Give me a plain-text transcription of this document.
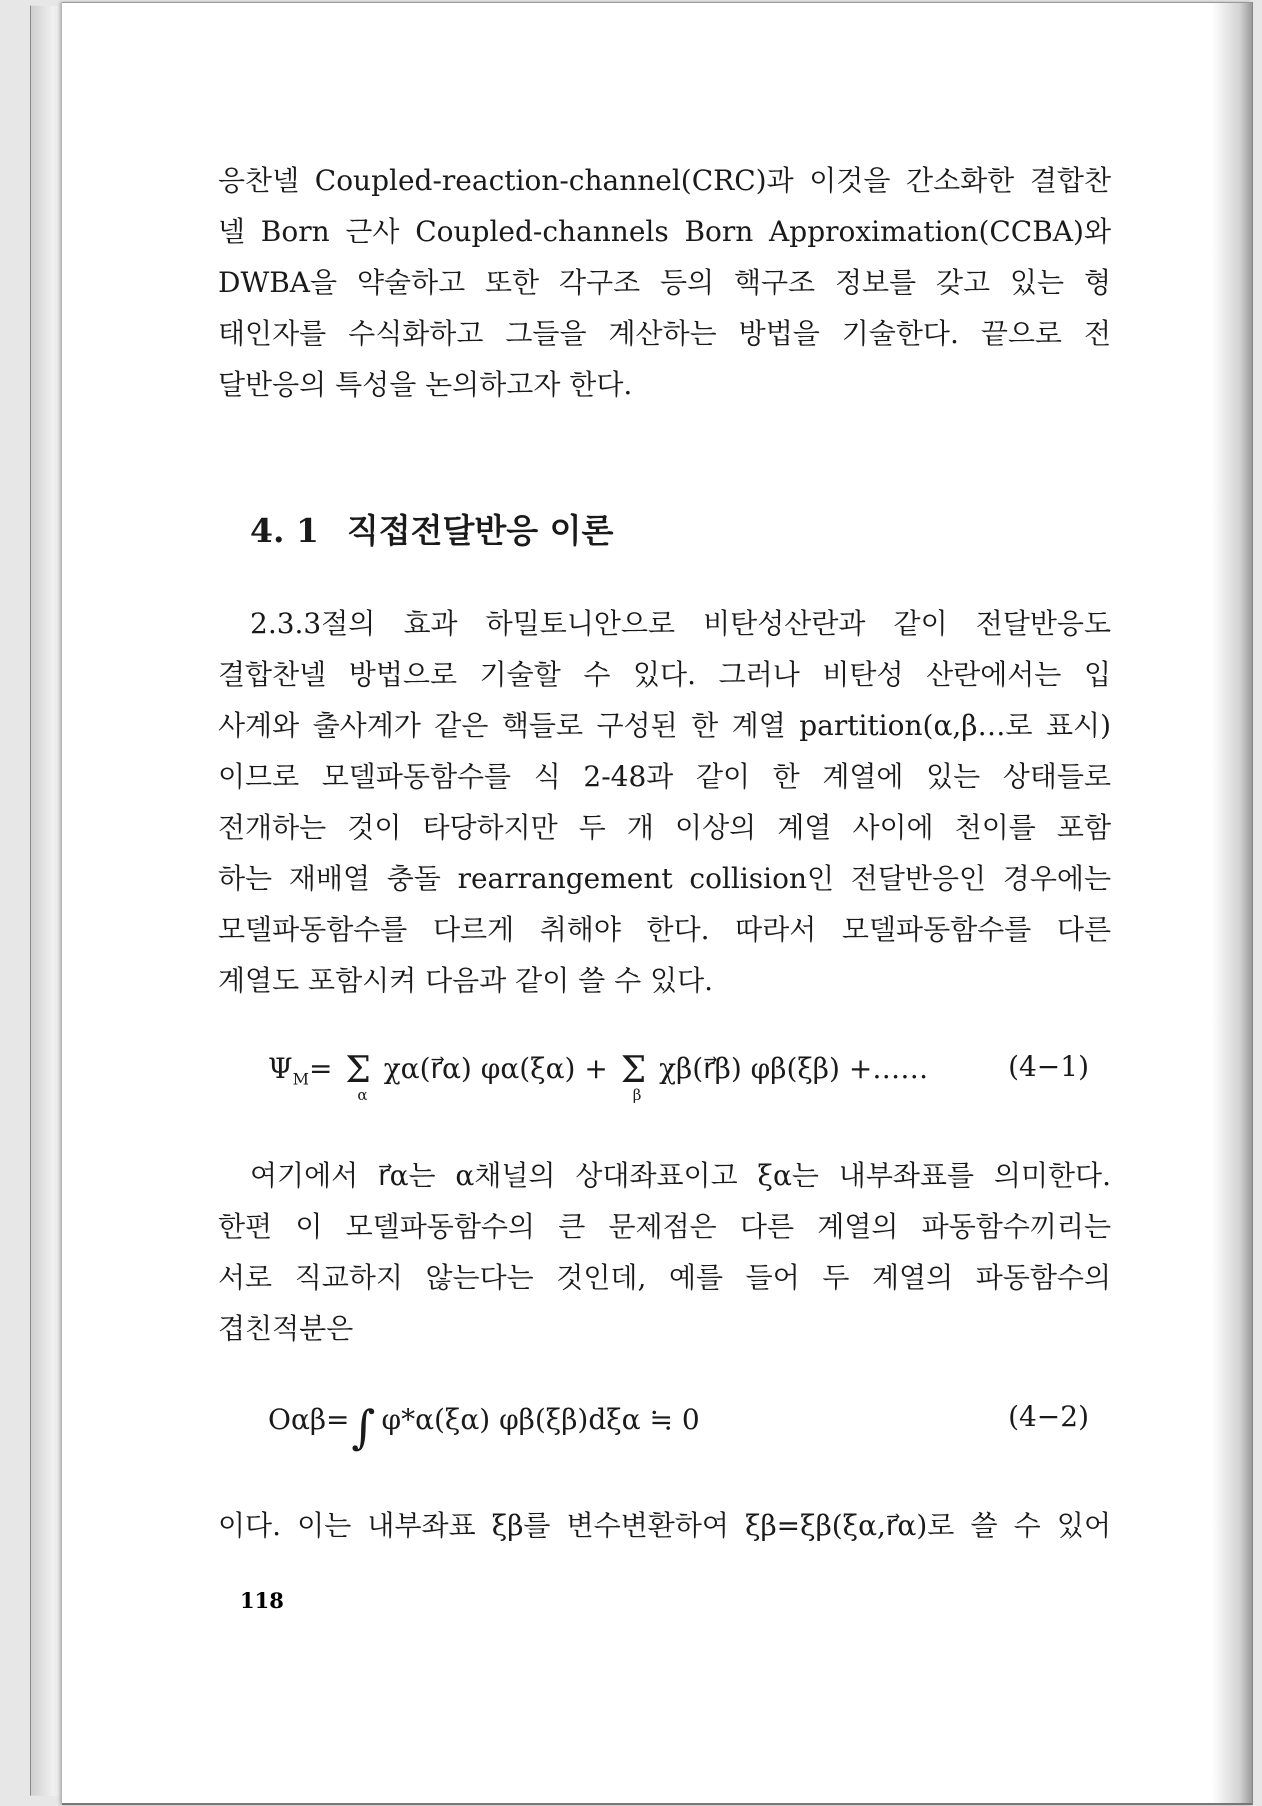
응찬넬 Coupled-reaction-channel(CRC)과 이것을 간소화한 결합찬
넬 Born 근사 Coupled-channels Born Approximation(CCBA)와
DWBA을 약술하고 또한 각구조 등의 핵구조 정보를 갖고 있는 형
태인자를 수식화하고 그들을 계산하는 방법을 기술한다. 끝으로 전
달반응의 특성을 논의하고자 한다.
4. 1 직접전달반응 이론
2.3.3절의 효과 하밀토니안으로 비탄성산란과 같이 전달반응도
결합찬넬 방법으로 기술할 수 있다. 그러나 비탄성 산란에서는 입
사계와 출사계가 같은 핵들로 구성된 한 계열 partition(α,β…로 표시)
이므로 모델파동함수를 식 2-48과 같이 한 계열에 있는 상태들로
전개하는 것이 타당하지만 두 개 이상의 계열 사이에 천이를 포함
하는 재배열 충돌 rearrangement collision인 전달반응인 경우에는
모델파동함수를 다르게 취해야 한다. 따라서 모델파동함수를 다른
계열도 포함시켜 다음과 같이 쓸 수 있다.
$\Psi_M= \Sigma$
α
χα(r⃗α) φα(ξα) + Σ
β
χβ(r⃗β) φβ(ξβ) +……	(4−1)
여기에서 r⃗α는 α채널의 상대좌표이고 ξα는 내부좌표를 의미한다.
한편 이 모델파동함수의 큰 문제점은 다른 계열의 파동함수끼리는
서로 직교하지 않는다는 것인데, 예를 들어 두 계열의 파동함수의
겹친적분은
Oαβ=∫ φ*α(ξα) φβ(ξβ)dξα ≒ 0	(4−2)
이다. 이는 내부좌표 ξβ를 변수변환하여 ξβ=ξβ(ξα,r⃗α)로 쓸 수 있어
118
